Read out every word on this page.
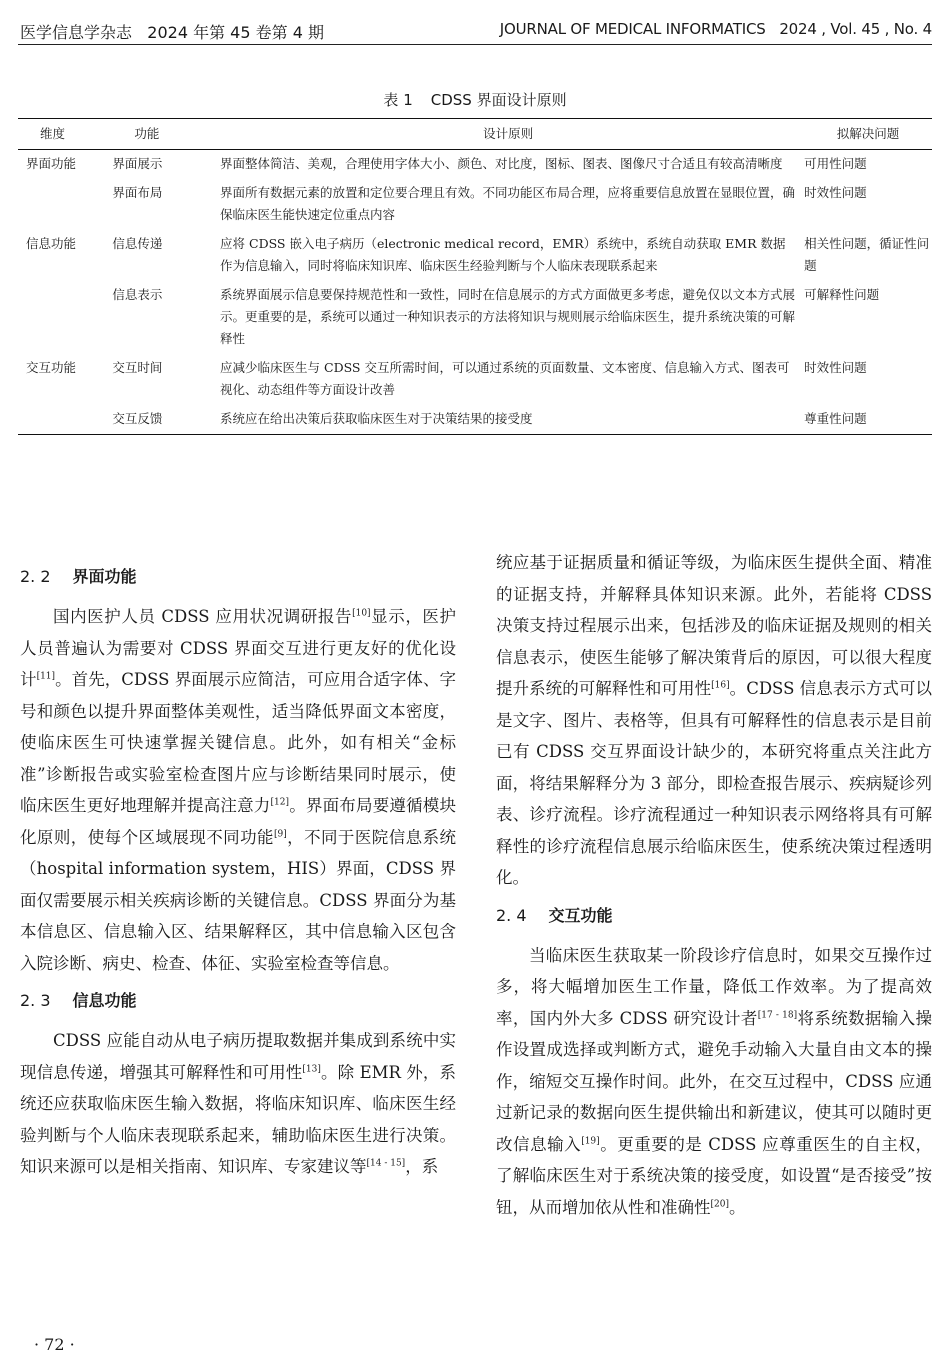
医学信息学杂志 2024 年第 45 卷第 4 期	JOURNAL OF MEDICAL INFORMATICS 2024 , Vol. 45 , No. 4
表 1 CDSS 界面设计原则
维度	功能	设计原则	拟解决问题
界面功能	界面展示	界面整体简洁、美观，合理使用字体大小、颜色、对比度，图标、图表、图像尺寸合适且有较高清晰度	可用性问题
	界面布局	界面所有数据元素的放置和定位要合理且有效。不同功能区布局合理，应将重要信息放置在显眼位置，确保临床医生能快速定位重点内容	时效性问题
信息功能	信息传递	应将 CDSS 嵌入电子病历（electronic medical record，EMR）系统中，系统自动获取 EMR 数据作为信息输入，同时将临床知识库、临床医生经验判断与个人临床表现联系起来	相关性问题，循证性问题
	信息表示	系统界面展示信息要保持规范性和一致性，同时在信息展示的方式方面做更多考虑，避免仅以文本方式展示。更重要的是，系统可以通过一种知识表示的方法将知识与规则展示给临床医生，提升系统决策的可解释性	可解释性问题
交互功能	交互时间	应减少临床医生与 CDSS 交互所需时间，可以通过系统的页面数量、文本密度、信息输入方式、图表可视化、动态组件等方面设计改善	时效性问题
	交互反馈	系统应在给出决策后获取临床医生对于决策结果的接受度	尊重性问题
2. 2 界面功能

国内医护人员 CDSS 应用状况调研报告[10]显示，医护人员普遍认为需要对 CDSS 界面交互进行更友好的优化设计[11]。首先，CDSS 界面展示应简洁，可应用合适字体、字号和颜色以提升界面整体美观性，适当降低界面文本密度，使临床医生可快速掌握关键信息。此外，如有相关“金标准”诊断报告或实验室检查图片应与诊断结果同时展示，使临床医生更好地理解并提高注意力[12]。界面布局要遵循模块化原则，使每个区域展现不同功能[9]，不同于医院信息系统（hospital information system，HIS）界面，CDSS 界面仅需要展示相关疾病诊断的关键信息。CDSS 界面分为基本信息区、信息输入区、结果解释区，其中信息输入区包含入院诊断、病史、检查、体征、实验室检查等信息。

2. 3 信息功能

CDSS 应能自动从电子病历提取数据并集成到系统中实现信息传递，增强其可解释性和可用性[13]。除 EMR 外，系统还应获取临床医生输入数据，将临床知识库、临床医生经验判断与个人临床表现联系起来，辅助临床医生进行决策。知识来源可以是相关指南、知识库、专家建议等[14 - 15]，系

统应基于证据质量和循证等级，为临床医生提供全面、精准的证据支持，并解释具体知识来源。此外，若能将 CDSS 决策支持过程展示出来，包括涉及的临床证据及规则的相关信息表示，使医生能够了解决策背后的原因，可以很大程度提升系统的可解释性和可用性[16]。CDSS 信息表示方式可以是文字、图片、表格等，但具有可解释性的信息表示是目前已有 CDSS 交互界面设计缺少的，本研究将重点关注此方面，将结果解释分为 3 部分，即检查报告展示、疾病疑诊列表、诊疗流程。诊疗流程通过一种知识表示网络将具有可解释性的诊疗流程信息展示给临床医生，使系统决策过程透明化。

2. 4 交互功能

当临床医生获取某一阶段诊疗信息时，如果交互操作过多，将大幅增加医生工作量，降低工作效率。为了提高效率，国内外大多 CDSS 研究设计者[17 - 18]将系统数据输入操作设置成选择或判断方式，避免手动输入大量自由文本的操作，缩短交互操作时间。此外，在交互过程中，CDSS 应通过新记录的数据向医生提供输出和新建议，使其可以随时更改信息输入[19]。更重要的是 CDSS 应尊重医生的自主权，了解临床医生对于系统决策的接受度，如设置“是否接受”按钮，从而增加依从性和准确性[20]。

· 72 ·
